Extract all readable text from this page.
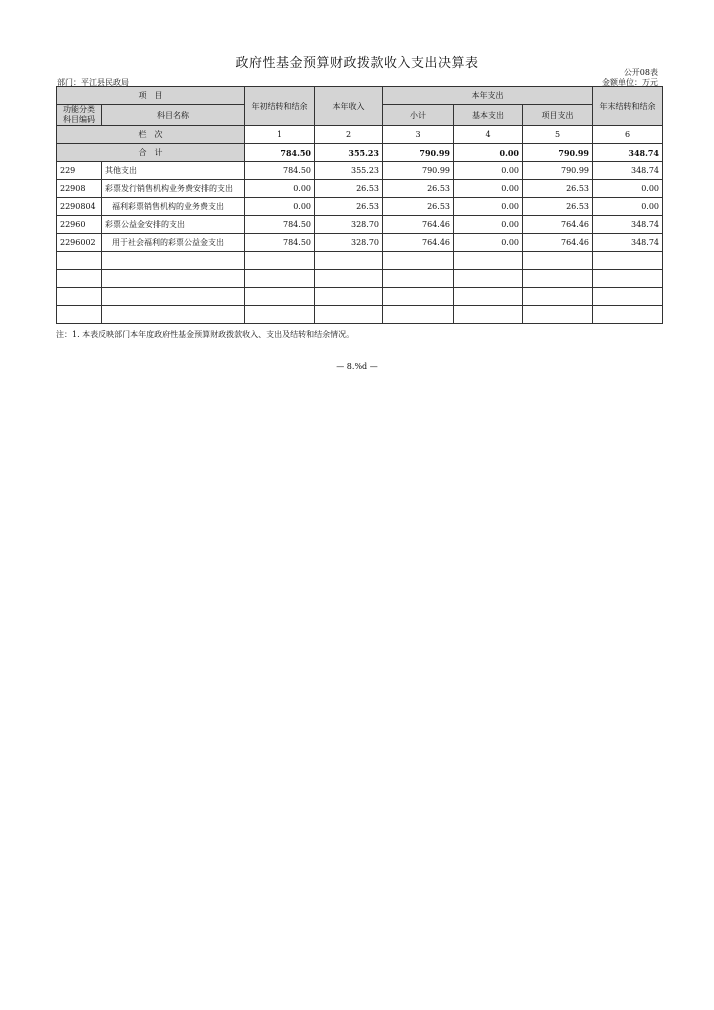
政府性基金预算财政拨款收入支出决算表
公开08表
部门：平江县民政局	金额单位：万元
项　目		年初结转和结余	本年收入	本年支出			年末结转和结余
功能分类科目编码	科目名称			小计	基本支出	项目支出	
栏　次		1	2	3	4	5	6
合　计		784.50	355.23	790.99	0.00	790.99	348.74
229	其他支出	784.50	355.23	790.99	0.00	790.99	348.74
22908	彩票发行销售机构业务费安排的支出	0.00	26.53	26.53	0.00	26.53	0.00
2290804	福利彩票销售机构的业务费支出	0.00	26.53	26.53	0.00	26.53	0.00
22960	彩票公益金安排的支出	784.50	328.70	764.46	0.00	764.46	348.74
2296002	用于社会福利的彩票公益金支出	784.50	328.70	764.46	0.00	764.46	348.74

注：1. 本表反映部门本年度政府性基金预算财政拨款收入、支出及结转和结余情况。
— 8.%d —
